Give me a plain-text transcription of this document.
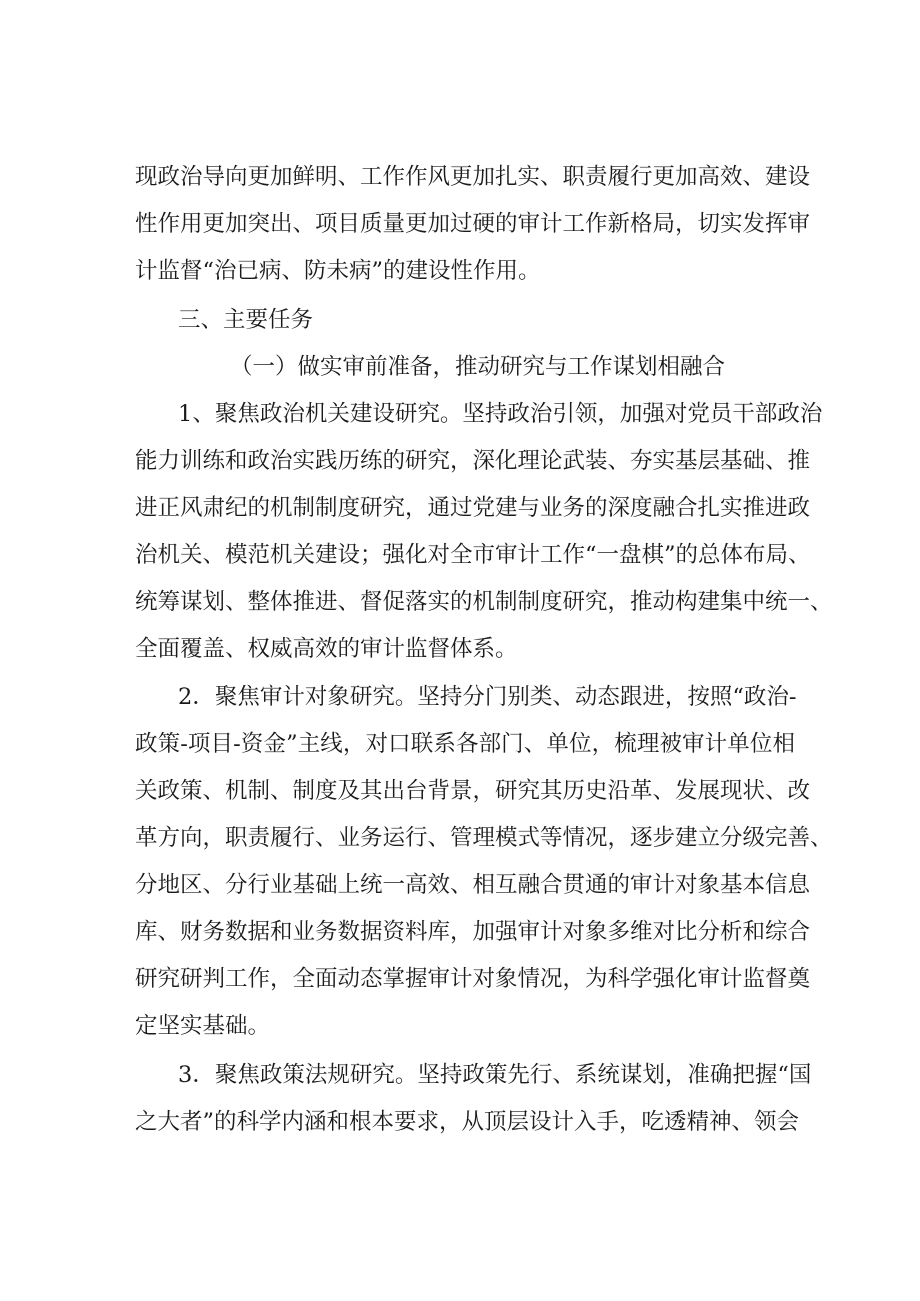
现政治导向更加鲜明、工作作风更加扎实、职责履行更加高效、建设
性作用更加突出、项目质量更加过硬的审计工作新格局，切实发挥审
计监督“治已病、防未病”的建设性作用。
三、主要任务
（一）做实审前准备，推动研究与工作谋划相融合
1、聚焦政治机关建设研究。坚持政治引领，加强对党员干部政治
能力训练和政治实践历练的研究，深化理论武装、夯实基层基础、推
进正风肃纪的机制制度研究，通过党建与业务的深度融合扎实推进政
治机关、模范机关建设；强化对全市审计工作“一盘棋”的总体布局、
统筹谋划、整体推进、督促落实的机制制度研究，推动构建集中统一、
全面覆盖、权威高效的审计监督体系。
2．聚焦审计对象研究。坚持分门别类、动态跟进，按照“政治-
政策-项目-资金”主线，对口联系各部门、单位，梳理被审计单位相
关政策、机制、制度及其出台背景，研究其历史沿革、发展现状、改
革方向，职责履行、业务运行、管理模式等情况，逐步建立分级完善、
分地区、分行业基础上统一高效、相互融合贯通的审计对象基本信息
库、财务数据和业务数据资料库，加强审计对象多维对比分析和综合
研究研判工作，全面动态掌握审计对象情况，为科学强化审计监督奠
定坚实基础。
3．聚焦政策法规研究。坚持政策先行、系统谋划，准确把握“国
之大者”的科学内涵和根本要求，从顶层设计入手，吃透精神、领会
